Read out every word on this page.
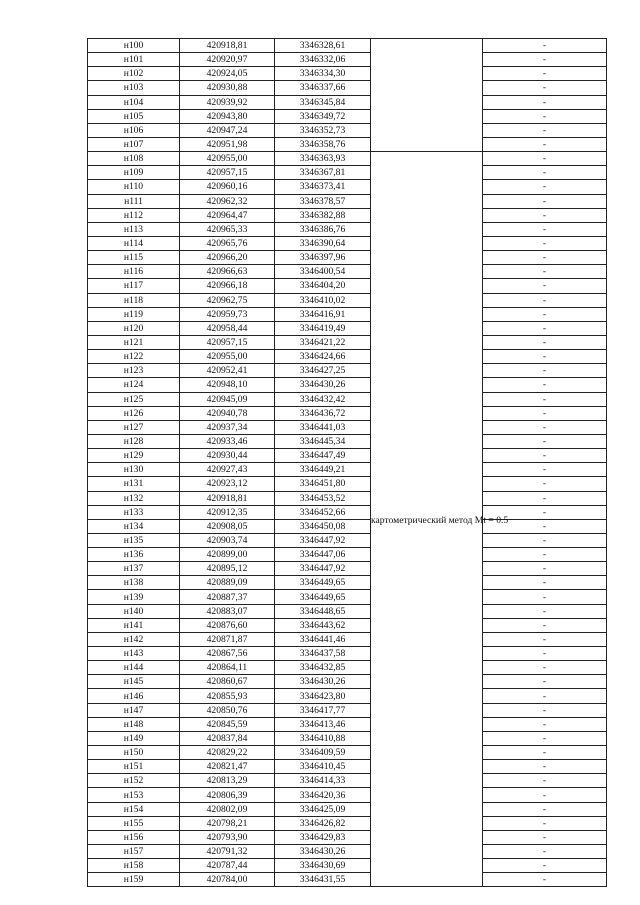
н100	420918,81	3346328,61		-
н101	420920,97	3346332,06		-
н102	420924,05	3346334,30		-
н103	420930,88	3346337,66		-
н104	420939,92	3346345,84		-
н105	420943,80	3346349,72		-
н106	420947,24	3346352,73		-
н107	420951,98	3346358,76		-
н108	420955,00	3346363,93	картометрический метод Mt = 0.5	-
н109	420957,15	3346367,81		-
н110	420960,16	3346373,41		-
н111	420962,32	3346378,57		-
н112	420964,47	3346382,88		-
н113	420965,33	3346386,76		-
н114	420965,76	3346390,64		-
н115	420966,20	3346397,96		-
н116	420966,63	3346400,54		-
н117	420966,18	3346404,20		-
н118	420962,75	3346410,02		-
н119	420959,73	3346416,91		-
н120	420958,44	3346419,49		-
н121	420957,15	3346421,22		-
н122	420955,00	3346424,66		-
н123	420952,41	3346427,25		-
н124	420948,10	3346430,26		-
н125	420945,09	3346432,42		-
н126	420940,78	3346436,72		-
н127	420937,34	3346441,03		-
н128	420933,46	3346445,34		-
н129	420930,44	3346447,49		-
н130	420927,43	3346449,21		-
н131	420923,12	3346451,80		-
н132	420918,81	3346453,52		-
н133	420912,35	3346452,66		-
н134	420908,05	3346450,08		-
н135	420903,74	3346447,92		-
н136	420899,00	3346447,06		-
н137	420895,12	3346447,92		-
н138	420889,09	3346449,65		-
н139	420887,37	3346449,65		-
н140	420883,07	3346448,65		-
н141	420876,60	3346443,62		-
н142	420871,87	3346441,46		-
н143	420867,56	3346437,58		-
н144	420864,11	3346432,85		-
н145	420860,67	3346430,26		-
н146	420855,93	3346423,80		-
н147	420850,76	3346417,77		-
н148	420845,59	3346413,46		-
н149	420837,84	3346410,88		-
н150	420829,22	3346409,59		-
н151	420821,47	3346410,45		-
н152	420813,29	3346414,33		-
н153	420806,39	3346420,36		-
н154	420802,09	3346425,09		-
н155	420798,21	3346426,82		-
н156	420793,90	3346429,83		-
н157	420791,32	3346430,26		-
н158	420787,44	3346430,69		-
н159	420784,00	3346431,55		-
